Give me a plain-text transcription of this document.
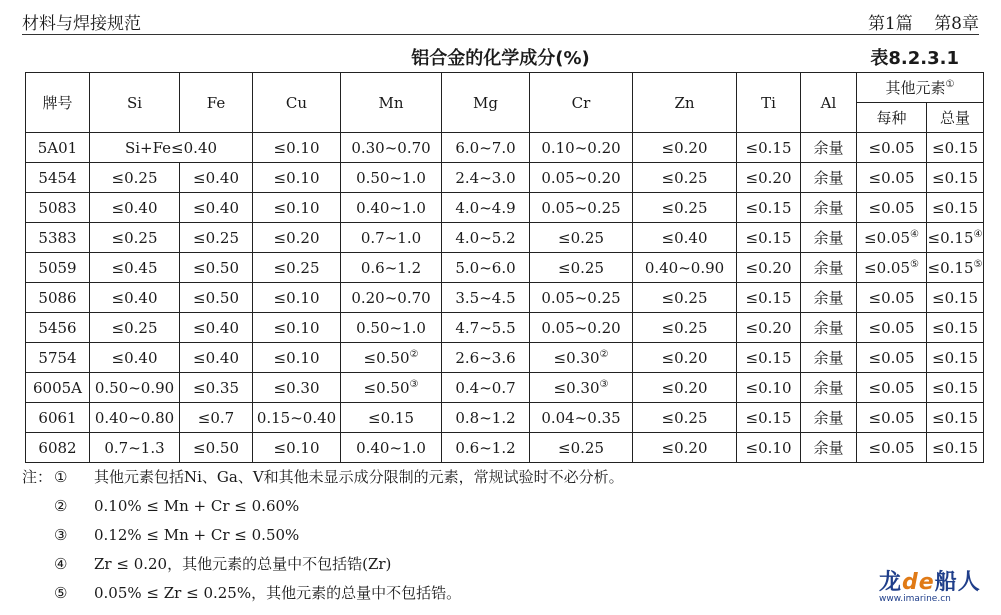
材料与焊接规范	第1篇 第8章
铝合金的化学成分(%)	表8.2.3.1
牌号	Si	Fe	Cu	Mn	Mg	Cr	Zn	Ti	Al	其他元素①
										每种	总量
5A01	Si+Fe≤0.40		≤0.10	0.30~0.70	6.0~7.0	0.10~0.20	≤0.20	≤0.15	余量	≤0.05	≤0.15
5454	≤0.25	≤0.40	≤0.10	0.50~1.0	2.4~3.0	0.05~0.20	≤0.25	≤0.20	余量	≤0.05	≤0.15
5083	≤0.40	≤0.40	≤0.10	0.40~1.0	4.0~4.9	0.05~0.25	≤0.25	≤0.15	余量	≤0.05	≤0.15
5383	≤0.25	≤0.25	≤0.20	0.7~1.0	4.0~5.2	≤0.25	≤0.40	≤0.15	余量	≤0.05④	≤0.15④
5059	≤0.45	≤0.50	≤0.25	0.6~1.2	5.0~6.0	≤0.25	0.40~0.90	≤0.20	余量	≤0.05⑤	≤0.15⑤
5086	≤0.40	≤0.50	≤0.10	0.20~0.70	3.5~4.5	0.05~0.25	≤0.25	≤0.15	余量	≤0.05	≤0.15
5456	≤0.25	≤0.40	≤0.10	0.50~1.0	4.7~5.5	0.05~0.20	≤0.25	≤0.20	余量	≤0.05	≤0.15
5754	≤0.40	≤0.40	≤0.10	≤0.50②	2.6~3.6	≤0.30②	≤0.20	≤0.15	余量	≤0.05	≤0.15
6005A	0.50~0.90	≤0.35	≤0.30	≤0.50③	0.4~0.7	≤0.30③	≤0.20	≤0.10	余量	≤0.05	≤0.15
6061	0.40~0.80	≤0.7	0.15~0.40	≤0.15	0.8~1.2	0.04~0.35	≤0.25	≤0.15	余量	≤0.05	≤0.15
6082	0.7~1.3	≤0.50	≤0.10	0.40~1.0	0.6~1.2	≤0.25	≤0.20	≤0.10	余量	≤0.05	≤0.15
注： ①	其他元素包括Ni、Ga、V和其他未显示成分限制的元素，常规试验时不必分析。
②	0.10% ≤ Mn + Cr ≤ 0.60%
③	0.12% ≤ Mn + Cr ≤ 0.50%
④	Zr ≤ 0.20，其他元素的总量中不包括锆(Zr)
⑤	0.05% ≤ Zr ≤ 0.25%，其他元素的总量中不包括锆。	龙de船人
www.imarine.cn
